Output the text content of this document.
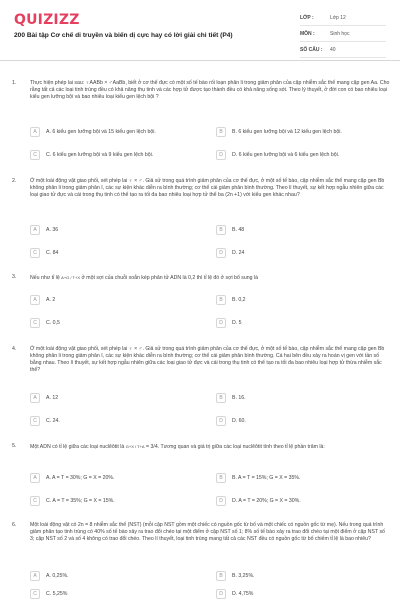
QUIZIZZ
200 Bài tập Cơ chế di truyền và biến dị cực hay có lời giải chi tiết (P4)
LỚP :	Lớp 12
MÔN :	Sinh học
SỐ CÂU :	40
1.	Thực hiện phép lai sau: ♀AABb × ♂AaBb, biết ở cơ thể đực có một số tế bào rối loạn phân li trong giảm phân của cặp nhiễm sắc thể mang cặp gen Aa. Cho rằng tất cả các loại tinh trùng đều có khả năng thụ tinh và các hợp tử được tạo thành đều có khả năng sống sót. Theo lý thuyết, ở đời con có bao nhiêu loại kiểu gen lưỡng bội và bao nhiêu loại kiểu gen lệch bội ?
A	A. 6 kiểu gen lưỡng bội và 15 kiểu gen lệch bội.	B	B. 6 kiểu gen lưỡng bội và 12 kiểu gen lệch bội.
C	C. 6 kiểu gen lưỡng bội và 9 kiểu gen lệch bội.	D	D. 6 kiểu gen lưỡng bội và 6 kiểu gen lệch bội.
2.	Ở một loài động vật giao phối, xét phép lai ♀ × ♂. Giả sử trong quá trình giảm phân của cơ thể đực, ở một số tế bào, cặp nhiễm sắc thể mang cặp gen Bb không phân li trong giảm phân I, các sự kiện khác diễn ra bình thường; cơ thể cái giảm phân bình thường. Theo lí thuyết, sự kết hợp ngẫu nhiên giữa các loại giao tử đực và cái trong thụ tinh có thể tạo ra tối đa bao nhiêu loại hợp tử thể ba (2n +1) với kiểu gen khác nhau?
A	A. 36	B	B. 48
C	C. 84	D	D. 24
3.	Nếu như tỉ lệ A+G / T+X ở một sợi của chuỗi xoắn kép phân tử ADN là 0,2 thì tỉ lệ đó ở sợi bổ sung là
A	A. 2	B	B. 0,2
C	C. 0,5	D	D. 5
4.	Ở một loài động vật giao phối, xét phép lai ♀ × ♂. Giả sử trong quá trình giảm phân của cơ thể đực, ở một số tế bào, cặp nhiễm sắc thể mang cặp gen Bb không phân li trong giảm phân I, các sự kiện khác diễn ra bình thường; cơ thể cái giảm phân bình thường. Cá hai bên đều xảy ra hoán vị gen với tần số bằng nhau. Theo lí thuyết, sự kết hợp ngẫu nhiên giữa các loại giao tử đực và cái trong thụ tinh có thể tạo ra tối đa bao nhiêu loại hợp tử thừa nhiễm sắc thể?
A	A. 12	B	B. 16.
C	C. 24.	D	D. 60.
5.	Một ADN có tỉ lệ giữa các loại nuclêôtit là G+X / T+A = 3/4. Tương quan và giá trị giữa các loại nuclêôtit tính theo tỉ lệ phần trăm là:
A	A. A = T = 30%; G = X = 20%.	B	B. A = T = 15%; G = X = 35%.
C	C. A = T = 35%; G = X = 15%.	D	D. A = T = 20%; G = X = 30%.
6.	Một loài động vật có 2n = 8 nhiễm sắc thể (NST) (mỗi cặp NST gồm một chiếc có nguồn gốc từ bố và một chiếc có nguồn gốc từ mẹ). Nếu trong quá trình giảm phân tạo tinh trùng có 40% số tế bào xảy ra trao đổi chéo tại một điểm ở cặp NST số 1; 8% số tế bào xảy ra trao đổi chéo tại một điểm ở cặp NST số 3; cặp NST số 2 và số 4 không có trao đổi chéo. Theo lí thuyết, loại tinh trùng mang tất cả các NST đều có nguồn gốc từ bố chiếm tỉ lệ là bao nhiêu?
A	A. 0,25%.	B	B. 3,25%.
C	C. 5,25%	D	D. 4,75%
